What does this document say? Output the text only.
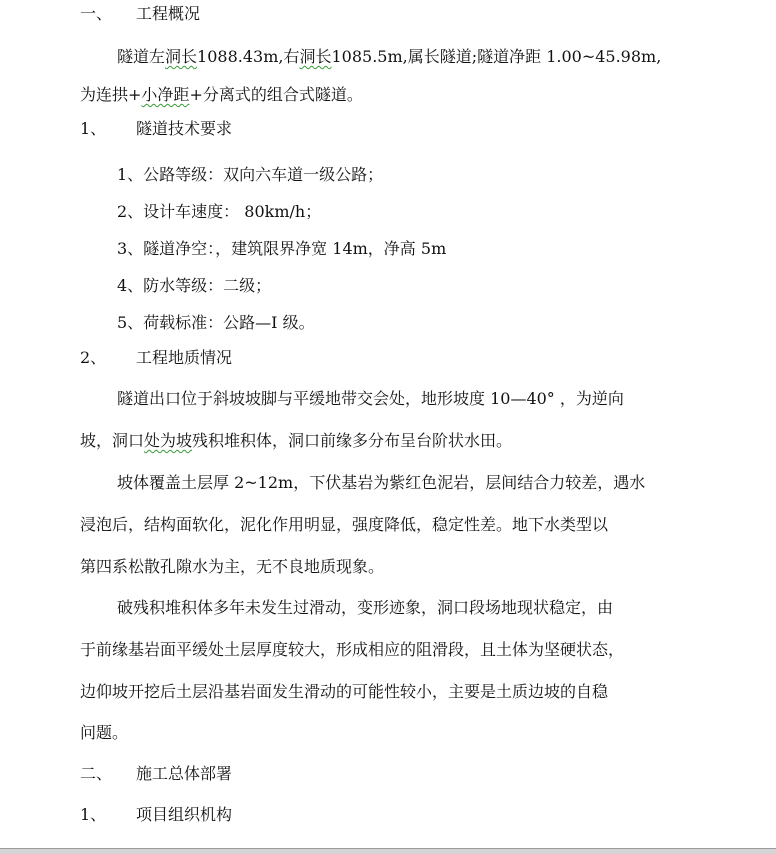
一、 工程概况
隧道左洞长1088.43m,右洞长1085.5m,属长隧道;隧道净距 1.00~45.98m,
为连拱+小净距+分离式的组合式隧道。
1、 隧道技术要求
1、公路等级：双向六车道一级公路；
2、设计车速度： 80km/h；
3、隧道净空：，建筑限界净宽 14m，净高 5m
4、防水等级：二级；
5、荷载标准：公路—I 级。
2、 工程地质情况
隧道出口位于斜坡坡脚与平缓地带交会处，地形坡度 10—40° ，为逆向
坡，洞口处为坡残积堆积体，洞口前缘多分布呈台阶状水田。
坡体覆盖土层厚 2~12m，下伏基岩为紫红色泥岩，层间结合力较差，遇水
浸泡后，结构面软化，泥化作用明显，强度降低，稳定性差。地下水类型以
第四系松散孔隙水为主，无不良地质现象。
破残积堆积体多年未发生过滑动，变形迹象，洞口段场地现状稳定，由
于前缘基岩面平缓处土层厚度较大，形成相应的阻滑段，且土体为坚硬状态，
边仰坡开挖后土层沿基岩面发生滑动的可能性较小，主要是土质边坡的自稳
问题。
二、 施工总体部署
1、 项目组织机构
